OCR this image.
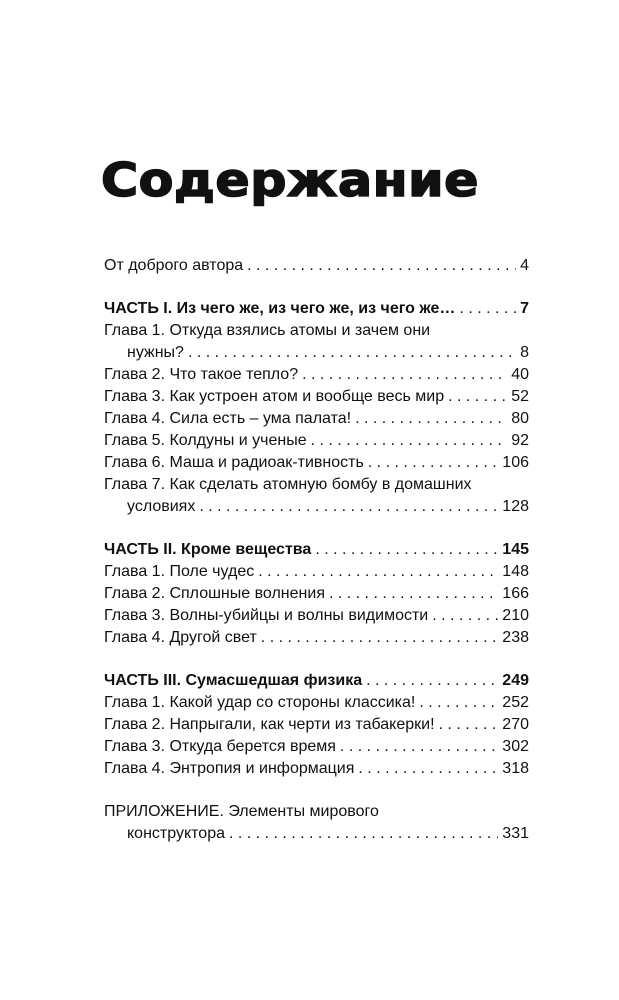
Содержание
От доброго автора . . .	4
ЧАСТЬ I. Из чего же, из чего же, из чего же… . . .	7
Глава 1. Откуда взялись атомы и зачем они
нужны? . . .	8
Глава 2. Что такое тепло? . . .	40
Глава 3. Как устроен атом и вообще весь мир . . .	52
Глава 4. Сила есть – ума палата! . . .	80
Глава 5. Колдуны и ученые . . .	92
Глава 6. Маша и радиоак-тивность . . .	106
Глава 7. Как сделать атомную бомбу в домашних
условиях . . .	128
ЧАСТЬ II. Кроме вещества . . .	145
Глава 1. Поле чудес . . .	148
Глава 2. Сплошные волнения . . .	166
Глава 3. Волны-убийцы и волны видимости . . .	210
Глава 4. Другой свет . . .	238
ЧАСТЬ III. Сумасшедшая физика . . .	249
Глава 1. Какой удар со стороны классика! . . .	252
Глава 2. Напрыгали, как черти из табакерки! . . .	270
Глава 3. Откуда берется время . . .	302
Глава 4. Энтропия и информация . . .	318
ПРИЛОЖЕНИЕ. Элементы мирового
конструктора . . .	331
